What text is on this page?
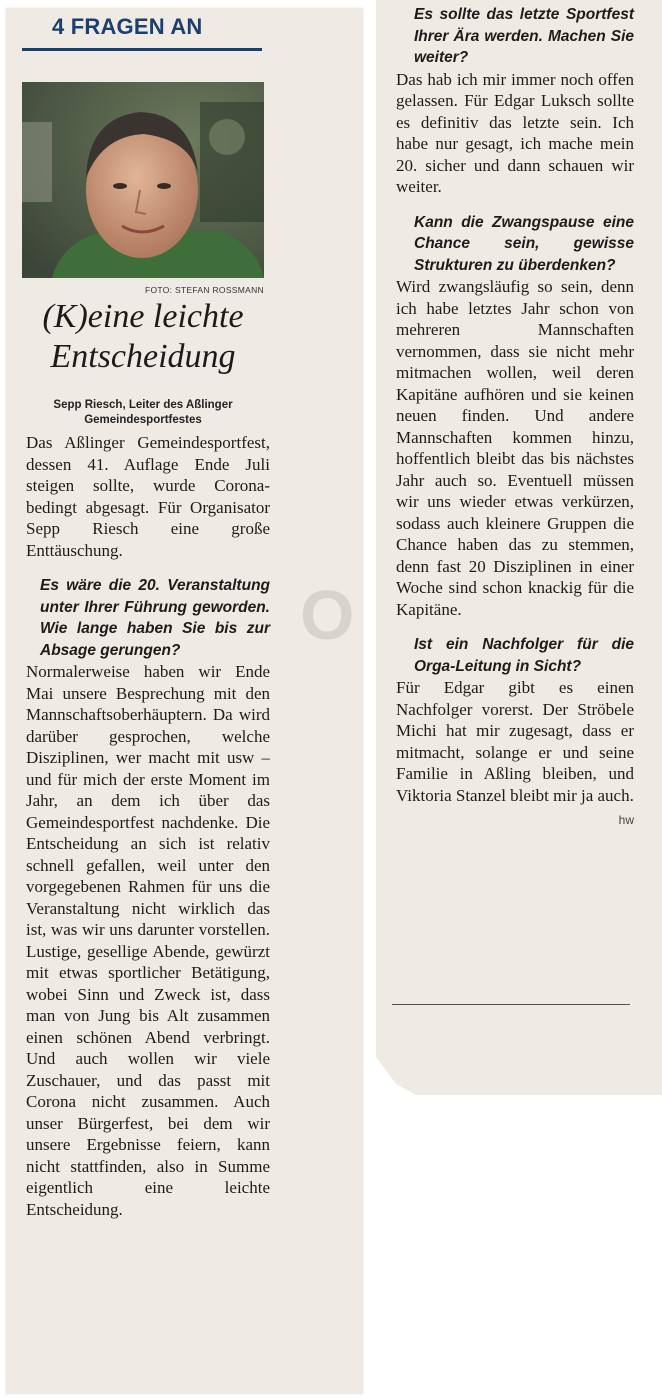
O
4 FRAGEN AN

FOTO: STEFAN ROSSMANN

(K)eine leichte Entscheidung

Sepp Riesch, Leiter des Aßlinger Gemeindesportfestes

Das Aßlinger Gemeindesportfest, dessen 41. Auflage Ende Juli steigen sollte, wurde Corona-bedingt abgesagt. Für Organisator Sepp Riesch eine große Enttäuschung.

Es wäre die 20. Veranstaltung unter Ihrer Führung geworden. Wie lange haben Sie bis zur Absage gerungen?

Normalerweise haben wir Ende Mai unsere Besprechung mit den Mannschaftsoberhäuptern. Da wird darüber gesprochen, welche Disziplinen, wer macht mit usw – und für mich der erste Moment im Jahr, an dem ich über das Gemeindesportfest nachdenke. Die Entscheidung an sich ist relativ schnell gefallen, weil unter den vorgegebenen Rahmen für uns die Veranstaltung nicht wirklich das ist, was wir uns darunter vorstellen. Lustige, gesellige Abende, gewürzt mit etwas sportlicher Betätigung, wobei Sinn und Zweck ist, dass man von Jung bis Alt zusammen einen schönen Abend verbringt. Und auch wollen wir viele Zuschauer, und das passt mit Corona nicht zusammen. Auch unser Bürgerfest, bei dem wir unsere Ergebnisse feiern, kann nicht stattfinden, also in Summe eigentlich eine leichte Entscheidung.

Es sollte das letzte Sportfest Ihrer Ära werden. Machen Sie weiter?

Das hab ich mir immer noch offen gelassen. Für Edgar Luksch sollte es definitiv das letzte sein. Ich habe nur gesagt, ich mache mein 20. sicher und dann schauen wir weiter.

Kann die Zwangspause eine Chance sein, gewisse Strukturen zu überdenken?

Wird zwangsläufig so sein, denn ich habe letztes Jahr schon von mehreren Mannschaften vernommen, dass sie nicht mehr mitmachen wollen, weil deren Kapitäne aufhören und sie keinen neuen finden. Und andere Mannschaften kommen hinzu, hoffentlich bleibt das bis nächstes Jahr auch so. Eventuell müssen wir uns wieder etwas verkürzen, sodass auch kleinere Gruppen die Chance haben das zu stemmen, denn fast 20 Disziplinen in einer Woche sind schon knackig für die Kapitäne.

Ist ein Nachfolger für die Orga-Leitung in Sicht?

Für Edgar gibt es einen Nachfolger vorerst. Der Ströbele Michi hat mir zugesagt, dass er mitmacht, solange er und seine Familie in Aßling bleiben, und Viktoria Stanzel bleibt mir ja auch.
hw
